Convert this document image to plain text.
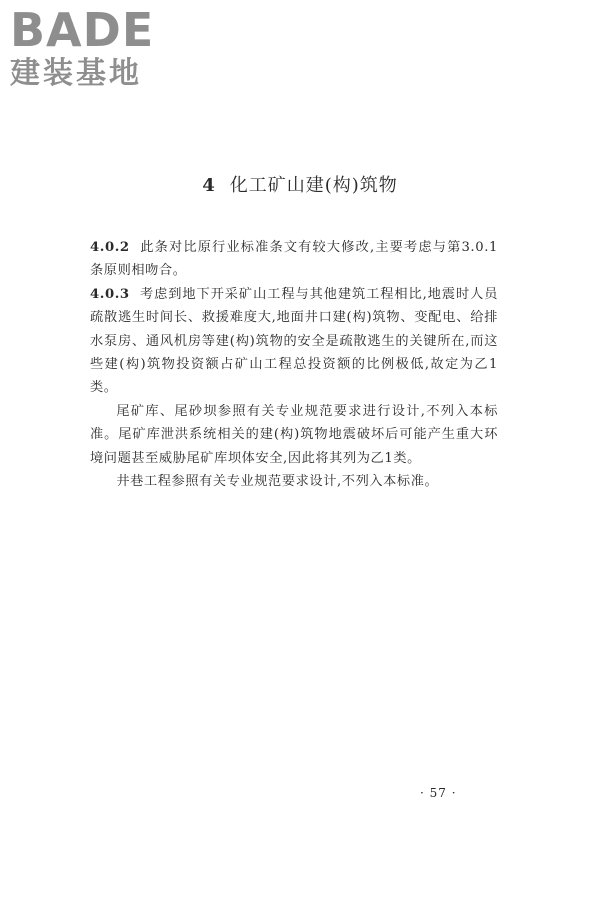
BADE
建装基地
4 化工矿山建(构)筑物

4.0.2 此条对比原行业标准条文有较大修改,主要考虑与第3.0.1条原则相吻合。

4.0.3 考虑到地下开采矿山工程与其他建筑工程相比,地震时人员疏散逃生时间长、救援难度大,地面井口建(构)筑物、变配电、给排水泵房、通风机房等建(构)筑物的安全是疏散逃生的关键所在,而这些建(构)筑物投资额占矿山工程总投资额的比例极低,故定为乙1类。

尾矿库、尾砂坝参照有关专业规范要求进行设计,不列入本标准。尾矿库泄洪系统相关的建(构)筑物地震破坏后可能产生重大环境问题甚至威胁尾矿库坝体安全,因此将其列为乙1类。

井巷工程参照有关专业规范要求设计,不列入本标准。

· 57 ·
